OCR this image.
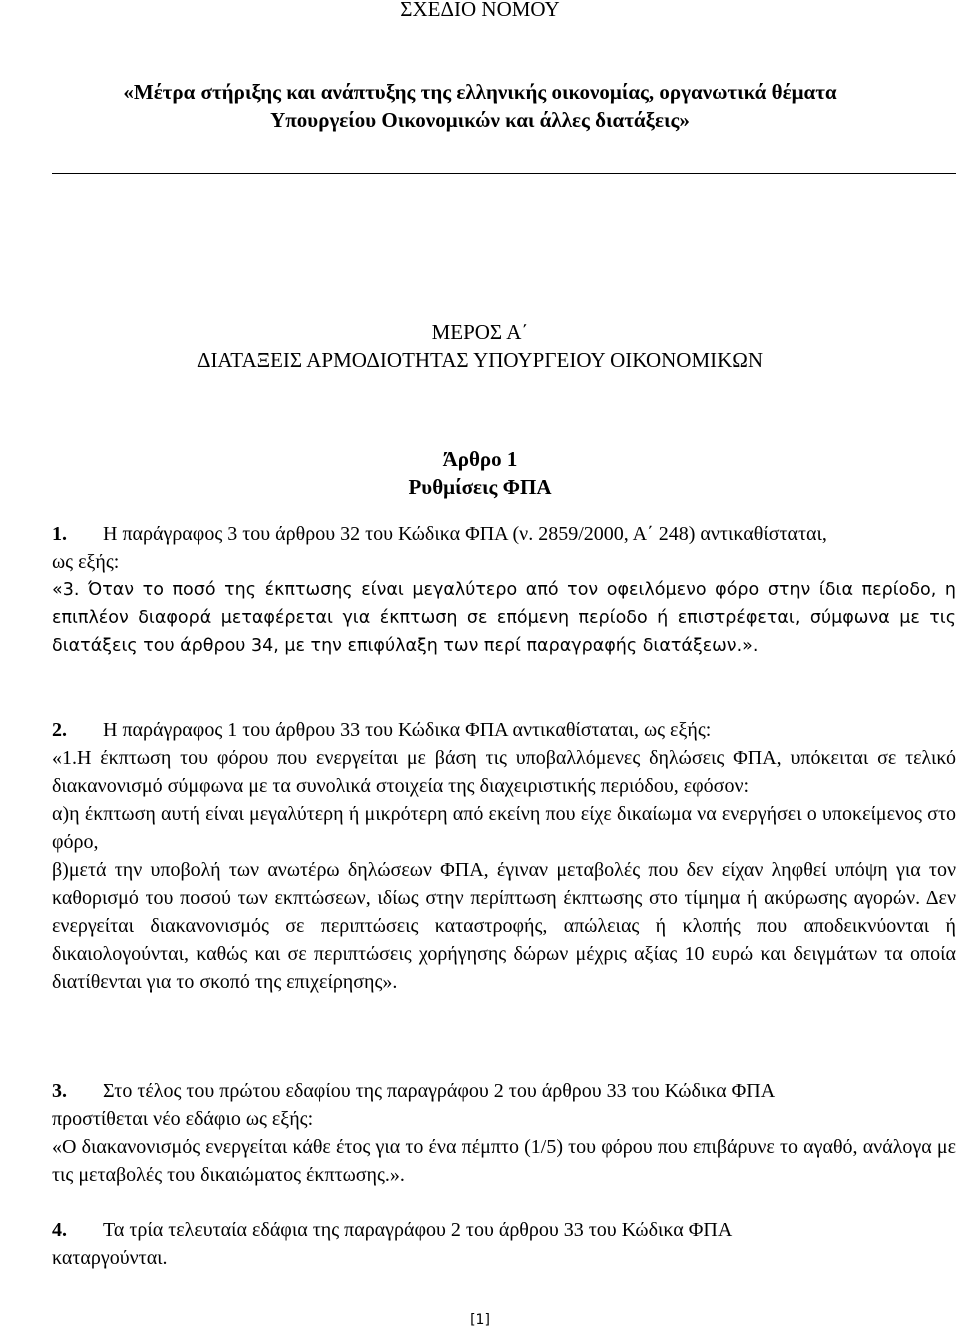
ΣΧΕΔΙΟ ΝΟΜΟΥ
«Μέτρα στήριξης και ανάπτυξης της ελληνικής οικονομίας, οργανωτικά θέματα
Υπουργείου Οικονομικών και άλλες διατάξεις»
ΜΕΡΟΣ Α΄
ΔΙΑΤΑΞΕΙΣ ΑΡΜΟΔΙΟΤΗΤΑΣ ΥΠΟΥΡΓΕΙΟΥ ΟΙΚΟΝΟΜΙΚΩΝ
Άρθρο 1
Ρυθμίσεις ΦΠΑ
1.	Η παράγραφος 3 του άρθρου 32 του Κώδικα ΦΠΑ (ν. 2859/2000, Α΄ 248) αντικαθίσταται,
ως εξής:
«3. Όταν το ποσό της έκπτωσης είναι μεγαλύτερο από τον οφειλόμενο φόρο στην ίδια περίοδο, η επιπλέον διαφορά μεταφέρεται για έκπτωση σε επόμενη περίοδο ή επιστρέφεται, σύμφωνα με τις διατάξεις του άρθρου 34, με την επιφύλαξη των περί παραγραφής διατάξεων.».
2.	Η παράγραφος 1 του άρθρου 33 του Κώδικα ΦΠΑ αντικαθίσταται, ως εξής:
«1.Η έκπτωση του φόρου που ενεργείται με βάση τις υποβαλλόμενες δηλώσεις ΦΠΑ, υπόκειται σε τελικό διακανονισμό σύμφωνα με τα συνολικά στοιχεία της διαχειριστικής περιόδου, εφόσον:
α)η έκπτωση αυτή είναι μεγαλύτερη ή μικρότερη από εκείνη που είχε δικαίωμα να ενεργήσει ο υποκείμενος στο φόρο,
β)μετά την υποβολή των ανωτέρω δηλώσεων ΦΠΑ, έγιναν μεταβολές που δεν είχαν ληφθεί υπόψη για τον καθορισμό του ποσού των εκπτώσεων, ιδίως στην περίπτωση έκπτωσης στο τίμημα ή ακύρωσης αγορών. Δεν ενεργείται διακανονισμός σε περιπτώσεις καταστροφής, απώλειας ή κλοπής που αποδεικνύονται ή δικαιολογούνται, καθώς και σε περιπτώσεις χορήγησης δώρων μέχρις αξίας 10 ευρώ και δειγμάτων τα οποία διατίθενται για το σκοπό της επιχείρησης».
3.	Στο τέλος του πρώτου εδαφίου της παραγράφου 2 του άρθρου 33 του Κώδικα ΦΠΑ
προστίθεται νέο εδάφιο ως εξής:
«Ο διακανονισμός ενεργείται κάθε έτος για το ένα πέμπτο (1/5) του φόρου που επιβάρυνε το αγαθό, ανάλογα με τις μεταβολές του δικαιώματος έκπτωσης.».
4.	Τα τρία τελευταία εδάφια της παραγράφου 2 του άρθρου 33 του Κώδικα ΦΠΑ
καταργούνται.
[1]
